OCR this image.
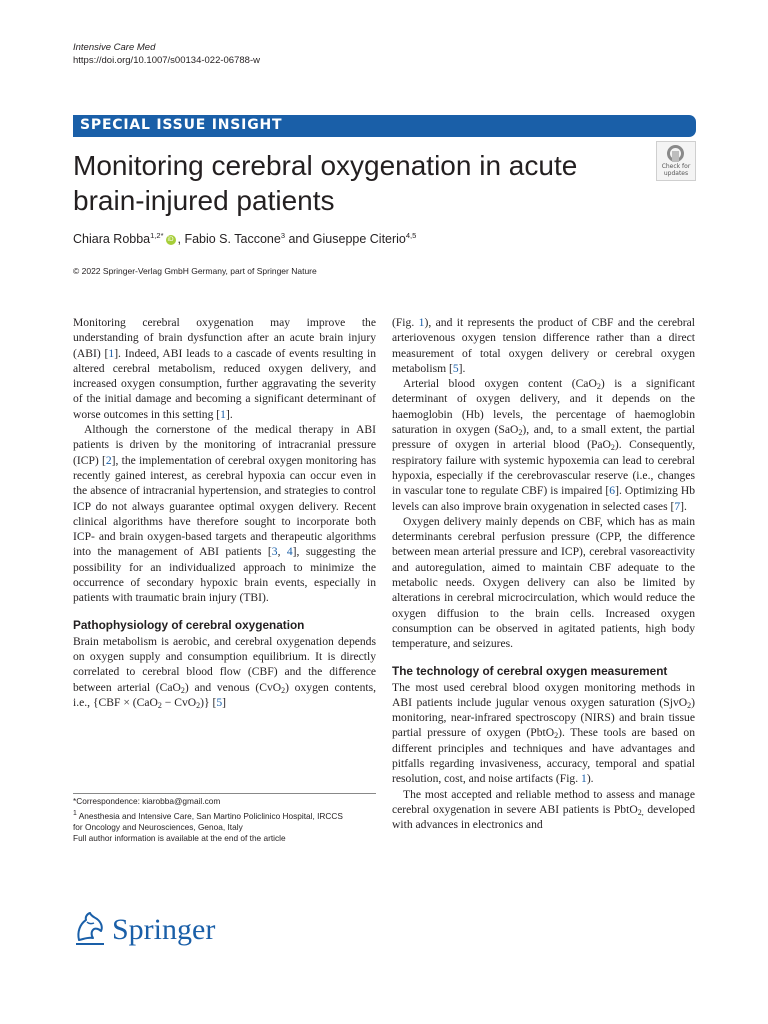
Intensive Care Med
https://doi.org/10.1007/s00134-022-06788-w
SPECIAL ISSUE INSIGHT
Monitoring cerebral oxygenation in acute brain-injured patients
Check for
updates
Chiara Robba$^{1,2*}$ iD , Fabio S. Taccone$^3$ and Giuseppe Citerio$^{4,5}$
© 2022 Springer-Verlag GmbH Germany, part of Springer Nature

Monitoring cerebral oxygenation may improve the understanding of brain dysfunction after an acute brain injury (ABI) [1]. Indeed, ABI leads to a cascade of events resulting in altered cerebral metabolism, reduced oxygen delivery, and increased oxygen consumption, further aggravating the severity of the initial damage and becoming a significant determinant of worse outcomes in this setting [1].

Although the cornerstone of the medical therapy in ABI patients is driven by the monitoring of intracranial pressure (ICP) [2], the implementation of cerebral oxygen monitoring has recently gained interest, as cerebral hypoxia can occur even in the absence of intracranial hypertension, and strategies to control ICP do not always guarantee optimal oxygen delivery. Recent clinical algorithms have therefore sought to incorporate both ICP- and brain oxygen-based targets and therapeutic algorithms into the management of ABI patients [3, 4], suggesting the possibility for an individualized approach to minimize the occurrence of secondary hypoxic brain events, especially in patients with traumatic brain injury (TBI).

Pathophysiology of cerebral oxygenation

Brain metabolism is aerobic, and cerebral oxygenation depends on oxygen supply and consumption equilibrium. It is directly correlated to cerebral blood flow (CBF) and the difference between arterial (CaO$_2$) and venous (CvO$_2$) oxygen contents, i.e., {CBF × (CaO$_2$ − CvO$_2$)} [5]

(Fig. 1), and it represents the product of CBF and the cerebral arteriovenous oxygen tension difference rather than a direct measurement of total oxygen delivery or cerebral oxygen metabolism [5].

Arterial blood oxygen content (CaO$_2$) is a significant determinant of oxygen delivery, and it depends on the haemoglobin (Hb) levels, the percentage of haemoglobin saturation in oxygen (SaO$_2$), and, to a small extent, the partial pressure of oxygen in arterial blood (PaO$_2$). Consequently, respiratory failure with systemic hypoxemia can lead to cerebral hypoxia, especially if the cerebrovascular reserve (i.e., changes in vascular tone to regulate CBF) is impaired [6]. Optimizing Hb levels can also improve brain oxygenation in selected cases [7].

Oxygen delivery mainly depends on CBF, which has as main determinants cerebral perfusion pressure (CPP, the difference between mean arterial pressure and ICP), cerebral vasoreactivity and autoregulation, aimed to maintain CBF adequate to the metabolic needs. Oxygen delivery can also be limited by alterations in cerebral microcirculation, which would reduce the oxygen diffusion to the brain cells. Increased oxygen consumption can be observed in agitated patients, high body temperature, and seizures.

The technology of cerebral oxygen measurement

The most used cerebral blood oxygen monitoring methods in ABI patients include jugular venous oxygen saturation (SjvO$_2$) monitoring, near-infrared spectroscopy (NIRS) and brain tissue partial pressure of oxygen (PbtO$_2$). These tools are based on different principles and techniques and have advantages and pitfalls regarding invasiveness, accuracy, temporal and spatial resolution, cost, and noise artifacts (Fig. 1).

The most accepted and reliable method to assess and manage cerebral oxygenation in severe ABI patients is PbtO$_{2,}$ developed with advances in electronics and

*Correspondence: kiarobba@gmail.com
$^1$ Anesthesia and Intensive Care, San Martino Policlinico Hospital, IRCCS
for Oncology and Neurosciences, Genoa, Italy
Full author information is available at the end of the article
Springer
